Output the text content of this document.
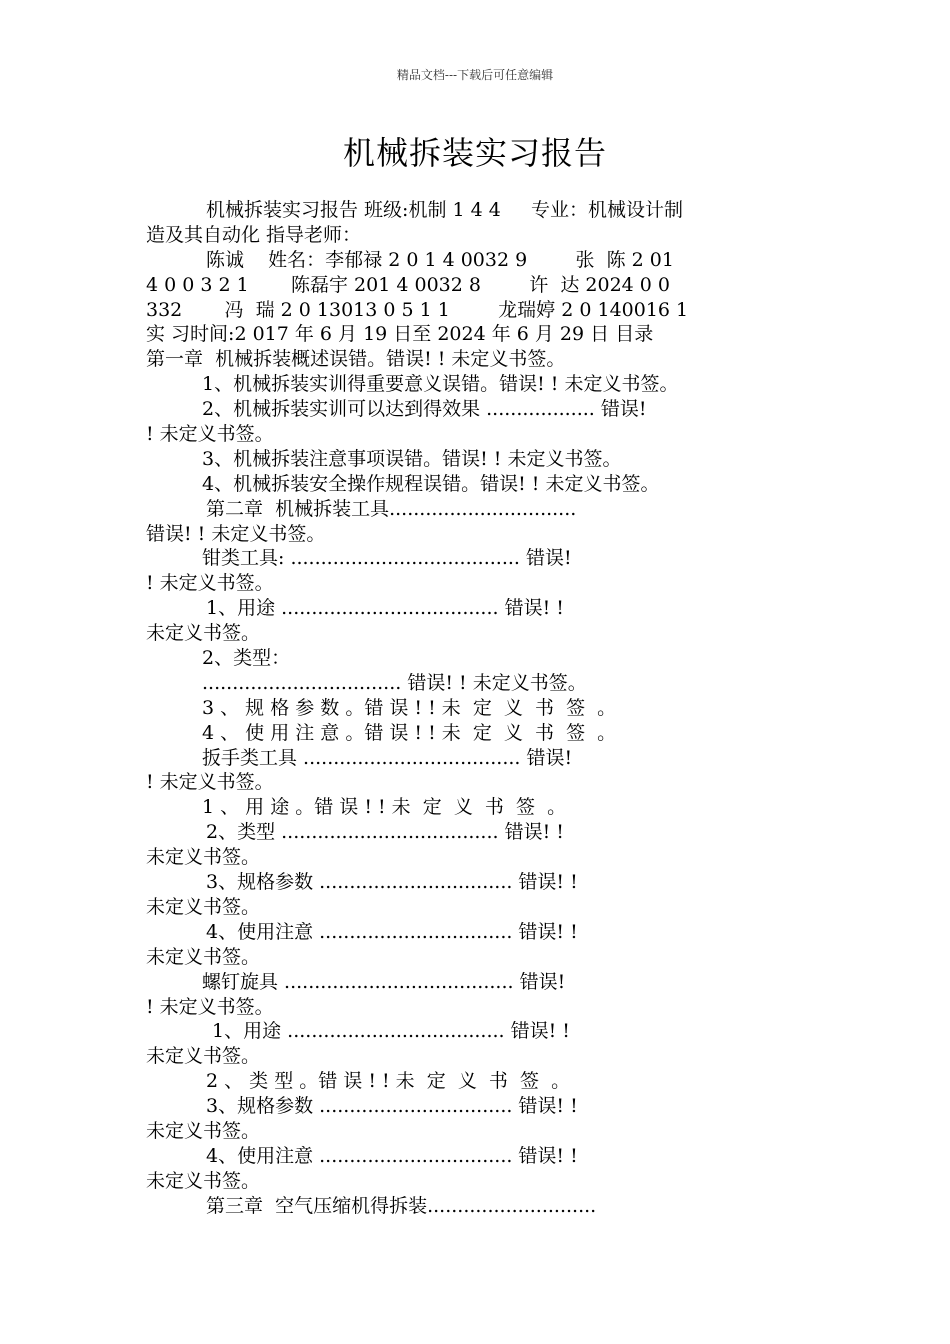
精品文档---下载后可任意编辑
机械拆装实习报告
机械拆装实习报告 班级:机制 1 4 4     专业：机械设计制
造及其自动化 指导老师：
陈诚    姓名：李郁禄 2 0 1 4 0032 9        张  陈 2 01
4 0 0 3 2 1       陈磊宇 201 4 0032 8        许  达 2024 0 0
332       冯  瑞 2 0 13013 0 5 1 1        龙瑞婷 2 0 140016 1
实 习时间:2 017 年 6 月 19 日至 2024 年 6 月 29 日 目录
第一章  机械拆装概述误错。错误! ! 未定义书签。
1、机械拆装实训得重要意义误错。错误! ! 未定义书签。
2、机械拆装实训可以达到得效果 .................. 错误!
! 未定义书签。
3、机械拆装注意事项误错。错误! ! 未定义书签。
4、机械拆装安全操作规程误错。错误! ! 未定义书签。
第二章  机械拆装工具...............................
错误! ! 未定义书签。
钳类工具: ...................................... 错误!
! 未定义书签。
1、用途 .................................... 错误! !
未定义书签。
2、类型：
................................. 错误! ! 未定义书签。
3 、 规 格 参 数 。错 误 ! ! 未  定  义  书  签  。
4 、 使 用 注 意 。错 误 ! ! 未  定  义  书  签  。
扳手类工具 .................................... 错误!
! 未定义书签。
1 、 用 途 。错 误 ! ! 未  定  义  书  签  。
2、类型 .................................... 错误! !
未定义书签。
3、规格参数 ................................ 错误! !
未定义书签。
4、使用注意 ................................ 错误! !
未定义书签。
螺钉旋具 ...................................... 错误!
! 未定义书签。
1、用途 .................................... 错误! !
未定义书签。
2 、 类 型 。错 误 ! ! 未  定  义  书  签  。
3、规格参数 ................................ 错误! !
未定义书签。
4、使用注意 ................................ 错误! !
未定义书签。
第三章  空气压缩机得拆装............................
